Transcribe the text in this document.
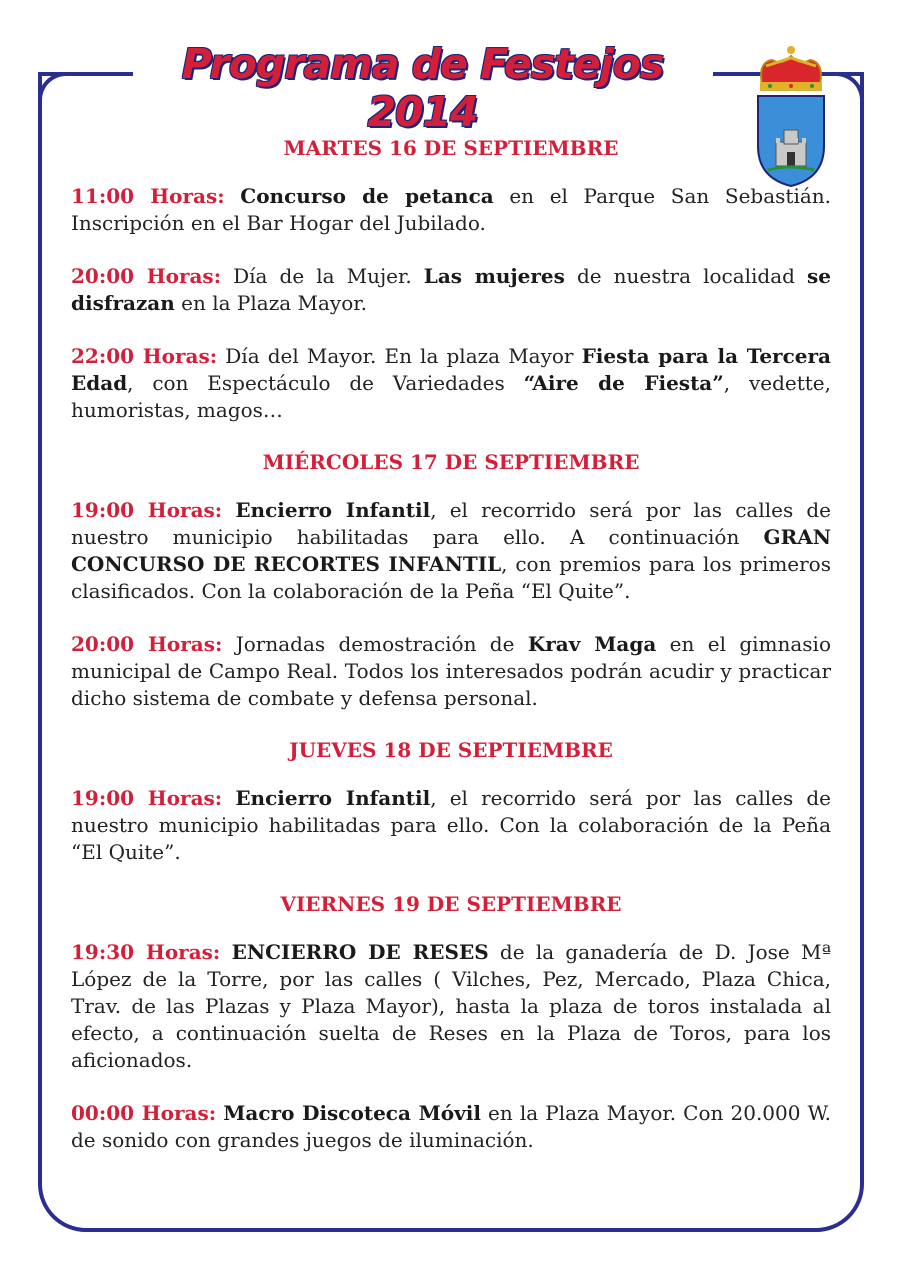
Programa de Festejos 2014
MARTES 16 DE SEPTIEMBRE

11:00 Horas: Concurso de petanca en el Parque San Sebastián. Inscripción en el Bar Hogar del Jubilado.

20:00 Horas: Día de la Mujer. Las mujeres de nuestra localidad se disfrazan en la Plaza Mayor.

22:00 Horas: Día del Mayor. En la plaza Mayor Fiesta para la Tercera Edad, con Espectáculo de Variedades “Aire de Fiesta”, vedette, humoristas, magos…

MIÉRCOLES 17 DE SEPTIEMBRE

19:00 Horas: Encierro Infantil, el recorrido será por las calles de nuestro municipio habilitadas para ello. A continuación GRAN CONCURSO DE RECORTES INFANTIL, con premios para los primeros clasificados. Con la colaboración de la Peña “El Quite”.

20:00 Horas: Jornadas demostración de Krav Maga en el gimnasio municipal de Campo Real. Todos los interesados podrán acudir y practicar dicho sistema de combate y defensa personal.

JUEVES 18 DE SEPTIEMBRE

19:00 Horas: Encierro Infantil, el recorrido será por las calles de nuestro municipio habilitadas para ello. Con la colaboración de la Peña “El Quite”.

VIERNES 19 DE SEPTIEMBRE

19:30 Horas: ENCIERRO DE RESES de la ganadería de D. Jose Mª López de la Torre, por las calles ( Vilches, Pez, Mercado, Plaza Chica, Trav. de las Plazas y Plaza Mayor), hasta la plaza de toros instalada al efecto, a continuación suelta de Reses en la Plaza de Toros, para los aficionados.

00:00 Horas: Macro Discoteca Móvil en la Plaza Mayor. Con 20.000 W. de sonido con grandes juegos de iluminación.
